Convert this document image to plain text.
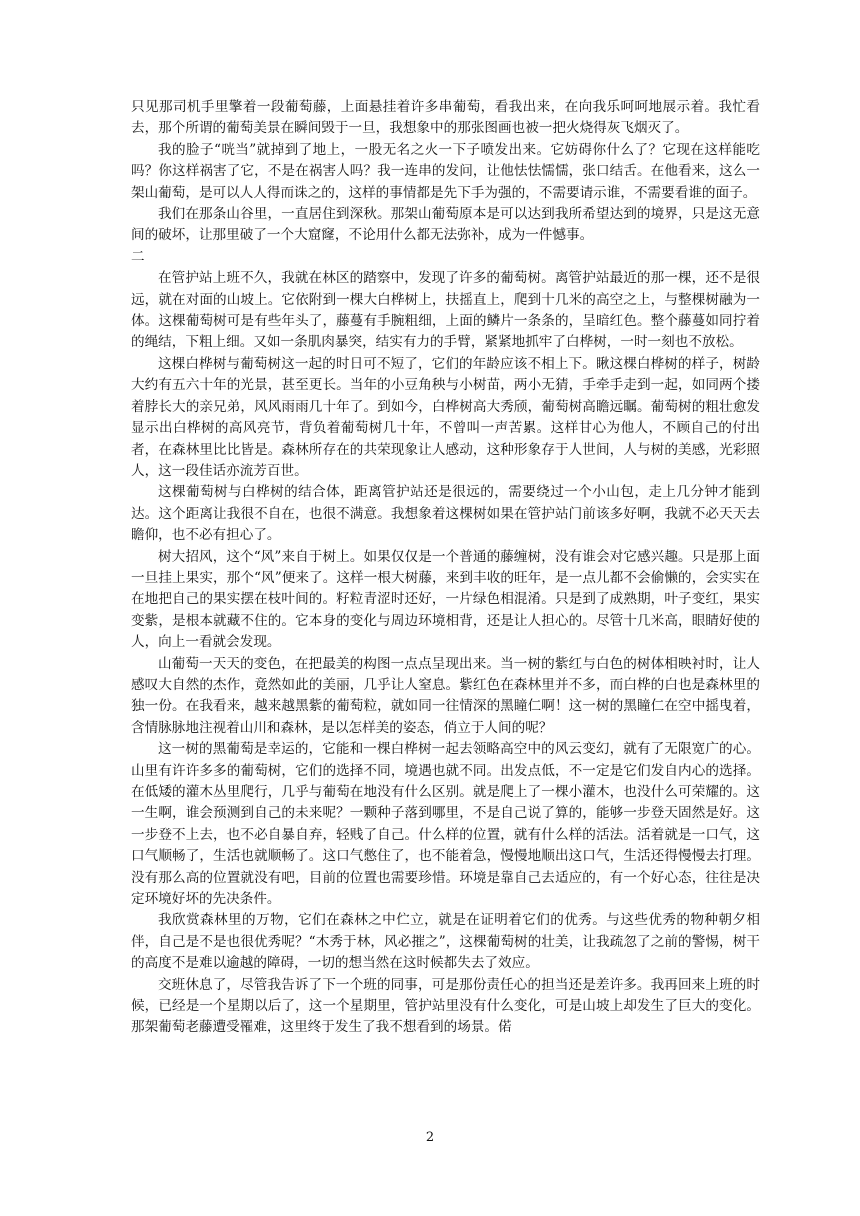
只见那司机手里擎着一段葡萄藤，上面悬挂着许多串葡萄，看我出来，在向我乐呵呵地展示着。我忙看去，那个所谓的葡萄美景在瞬间毁于一旦，我想象中的那张图画也被一把火烧得灰飞烟灭了。

我的脸子“咣当”就掉到了地上，一股无名之火一下子喷发出来。它妨碍你什么了？它现在这样能吃吗？你这样祸害了它，不是在祸害人吗？我一连串的发问，让他怯怯懦懦，张口结舌。在他看来，这么一架山葡萄，是可以人人得而诛之的，这样的事情都是先下手为强的，不需要请示谁，不需要看谁的面子。

我们在那条山谷里，一直居住到深秋。那架山葡萄原本是可以达到我所希望达到的境界，只是这无意间的破坏，让那里破了一个大窟窿，不论用什么都无法弥补，成为一件憾事。

二

在管护站上班不久，我就在林区的踏察中，发现了许多的葡萄树。离管护站最近的那一棵，还不是很远，就在对面的山坡上。它依附到一棵大白桦树上，扶摇直上，爬到十几米的高空之上，与整棵树融为一体。这棵葡萄树可是有些年头了，藤蔓有手腕粗细，上面的鳞片一条条的，呈暗红色。整个藤蔓如同拧着的绳结，下粗上细。又如一条肌肉暴突，结实有力的手臂，紧紧地抓牢了白桦树，一时一刻也不放松。

这棵白桦树与葡萄树这一起的时日可不短了，它们的年龄应该不相上下。瞅这棵白桦树的样子，树龄大约有五六十年的光景，甚至更长。当年的小豆角秧与小树苗，两小无猜，手牵手走到一起，如同两个搂着脖长大的亲兄弟，风风雨雨几十年了。到如今，白桦树高大秀颀，葡萄树高瞻远瞩。葡萄树的粗壮愈发显示出白桦树的高风亮节，背负着葡萄树几十年，不曾叫一声苦累。这样甘心为他人，不顾自己的付出者，在森林里比比皆是。森林所存在的共荣现象让人感动，这种形象存于人世间，人与树的美感，光彩照人，这一段佳话亦流芳百世。

这棵葡萄树与白桦树的结合体，距离管护站还是很远的，需要绕过一个小山包，走上几分钟才能到达。这个距离让我很不自在，也很不满意。我想象着这棵树如果在管护站门前该多好啊，我就不必天天去瞻仰，也不必有担心了。

树大招风，这个“风”来自于树上。如果仅仅是一个普通的藤缠树，没有谁会对它感兴趣。只是那上面一旦挂上果实，那个“风”便来了。这样一根大树藤，来到丰收的旺年，是一点儿都不会偷懒的，会实实在在地把自己的果实摆在枝叶间的。籽粒青涩时还好，一片绿色相混淆。只是到了成熟期，叶子变红，果实变紫，是根本就藏不住的。它本身的变化与周边环境相背，还是让人担心的。尽管十几米高，眼睛好使的人，向上一看就会发现。

山葡萄一天天的变色，在把最美的构图一点点呈现出来。当一树的紫红与白色的树体相映衬时，让人感叹大自然的杰作，竟然如此的美丽，几乎让人窒息。紫红色在森林里并不多，而白桦的白也是森林里的独一份。在我看来，越来越黑紫的葡萄粒，就如同一往情深的黑瞳仁啊！这一树的黑瞳仁在空中摇曳着，含情脉脉地注视着山川和森林，是以怎样美的姿态，俏立于人间的呢？

这一树的黑葡萄是幸运的，它能和一棵白桦树一起去领略高空中的风云变幻，就有了无限宽广的心。山里有许许多多的葡萄树，它们的选择不同，境遇也就不同。出发点低，不一定是它们发自内心的选择。在低矮的灌木丛里爬行，几乎与葡萄在地没有什么区别。就是爬上了一棵小灌木，也没什么可荣耀的。这一生啊，谁会预测到自己的未来呢？一颗种子落到哪里，不是自己说了算的，能够一步登天固然是好。这一步登不上去，也不必自暴自弃，轻贱了自己。什么样的位置，就有什么样的活法。活着就是一口气，这口气顺畅了，生活也就顺畅了。这口气憋住了，也不能着急，慢慢地顺出这口气，生活还得慢慢去打理。没有那么高的位置就没有吧，目前的位置也需要珍惜。环境是靠自己去适应的，有一个好心态，往往是决定环境好坏的先决条件。

我欣赏森林里的万物，它们在森林之中伫立，就是在证明着它们的优秀。与这些优秀的物种朝夕相伴，自己是不是也很优秀呢？“木秀于林，风必摧之”，这棵葡萄树的壮美，让我疏忽了之前的警惕，树干的高度不是难以逾越的障碍，一切的想当然在这时候都失去了效应。

交班休息了，尽管我告诉了下一个班的同事，可是那份责任心的担当还是差许多。我再回来上班的时候，已经是一个星期以后了，这一个星期里，管护站里没有什么变化，可是山坡上却发生了巨大的变化。那架葡萄老藤遭受罹难，这里终于发生了我不想看到的场景。偌

2
